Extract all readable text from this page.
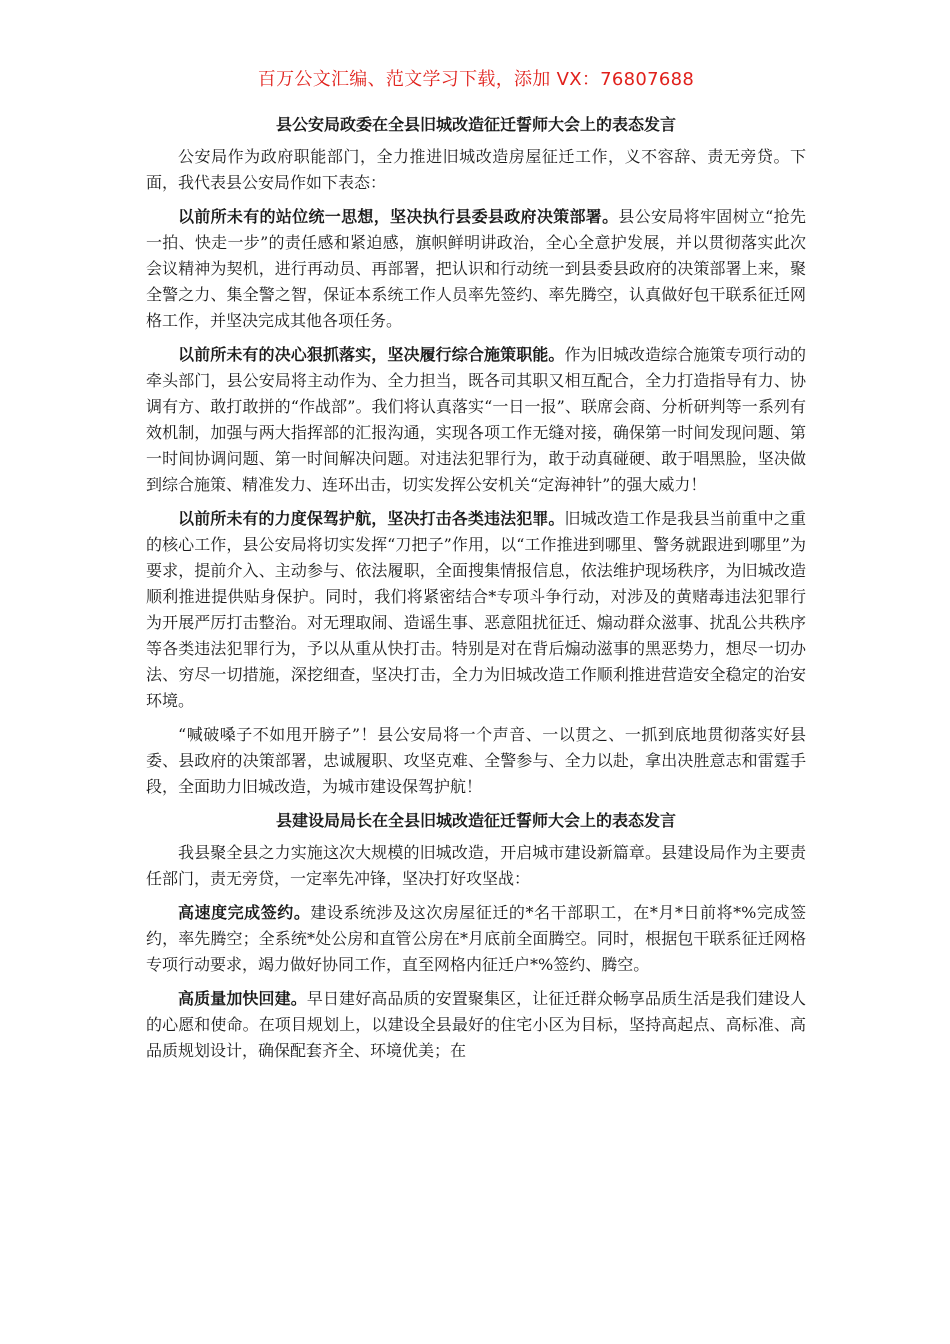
百万公文汇编、范文学习下载，添加 VX：76807688
县公安局政委在全县旧城改造征迁誓师大会上的表态发言

公安局作为政府职能部门，全力推进旧城改造房屋征迁工作，义不容辞、责无旁贷。下面，我代表县公安局作如下表态：

以前所未有的站位统一思想，坚决执行县委县政府决策部署。县公安局将牢固树立“抢先一拍、快走一步”的责任感和紧迫感，旗帜鲜明讲政治，全心全意护发展，并以贯彻落实此次会议精神为契机，进行再动员、再部署，把认识和行动统一到县委县政府的决策部署上来，聚全警之力、集全警之智，保证本系统工作人员率先签约、率先腾空，认真做好包干联系征迁网格工作，并坚决完成其他各项任务。

以前所未有的决心狠抓落实，坚决履行综合施策职能。作为旧城改造综合施策专项行动的牵头部门，县公安局将主动作为、全力担当，既各司其职又相互配合，全力打造指导有力、协调有方、敢打敢拼的“作战部”。我们将认真落实“一日一报”、联席会商、分析研判等一系列有效机制，加强与两大指挥部的汇报沟通，实现各项工作无缝对接，确保第一时间发现问题、第一时间协调问题、第一时间解决问题。对违法犯罪行为，敢于动真碰硬、敢于唱黑脸，坚决做到综合施策、精准发力、连环出击，切实发挥公安机关“定海神针”的强大威力！

以前所未有的力度保驾护航，坚决打击各类违法犯罪。旧城改造工作是我县当前重中之重的核心工作，县公安局将切实发挥“刀把子”作用，以“工作推进到哪里、警务就跟进到哪里”为要求，提前介入、主动参与、依法履职，全面搜集情报信息，依法维护现场秩序，为旧城改造顺利推进提供贴身保护。同时，我们将紧密结合*专项斗争行动，对涉及的黄赌毒违法犯罪行为开展严厉打击整治。对无理取闹、造谣生事、恶意阻扰征迁、煽动群众滋事、扰乱公共秩序等各类违法犯罪行为，予以从重从快打击。特别是对在背后煽动滋事的黑恶势力，想尽一切办法、穷尽一切措施，深挖细查，坚决打击，全力为旧城改造工作顺利推进营造安全稳定的治安环境。

“喊破嗓子不如甩开膀子”！县公安局将一个声音、一以贯之、一抓到底地贯彻落实好县委、县政府的决策部署，忠诚履职、攻坚克难、全警参与、全力以赴，拿出决胜意志和雷霆手段，全面助力旧城改造，为城市建设保驾护航！

县建设局局长在全县旧城改造征迁誓师大会上的表态发言

我县聚全县之力实施这次大规模的旧城改造，开启城市建设新篇章。县建设局作为主要责任部门，责无旁贷，一定率先冲锋，坚决打好攻坚战：

高速度完成签约。建设系统涉及这次房屋征迁的*名干部职工，在*月*日前将*%完成签约，率先腾空；全系统*处公房和直管公房在*月底前全面腾空。同时，根据包干联系征迁网格专项行动要求，竭力做好协同工作，直至网格内征迁户*%签约、腾空。

高质量加快回建。早日建好高品质的安置聚集区，让征迁群众畅享品质生活是我们建设人的心愿和使命。在项目规划上，以建设全县最好的住宅小区为目标，坚持高起点、高标准、高品质规划设计，确保配套齐全、环境优美；在
